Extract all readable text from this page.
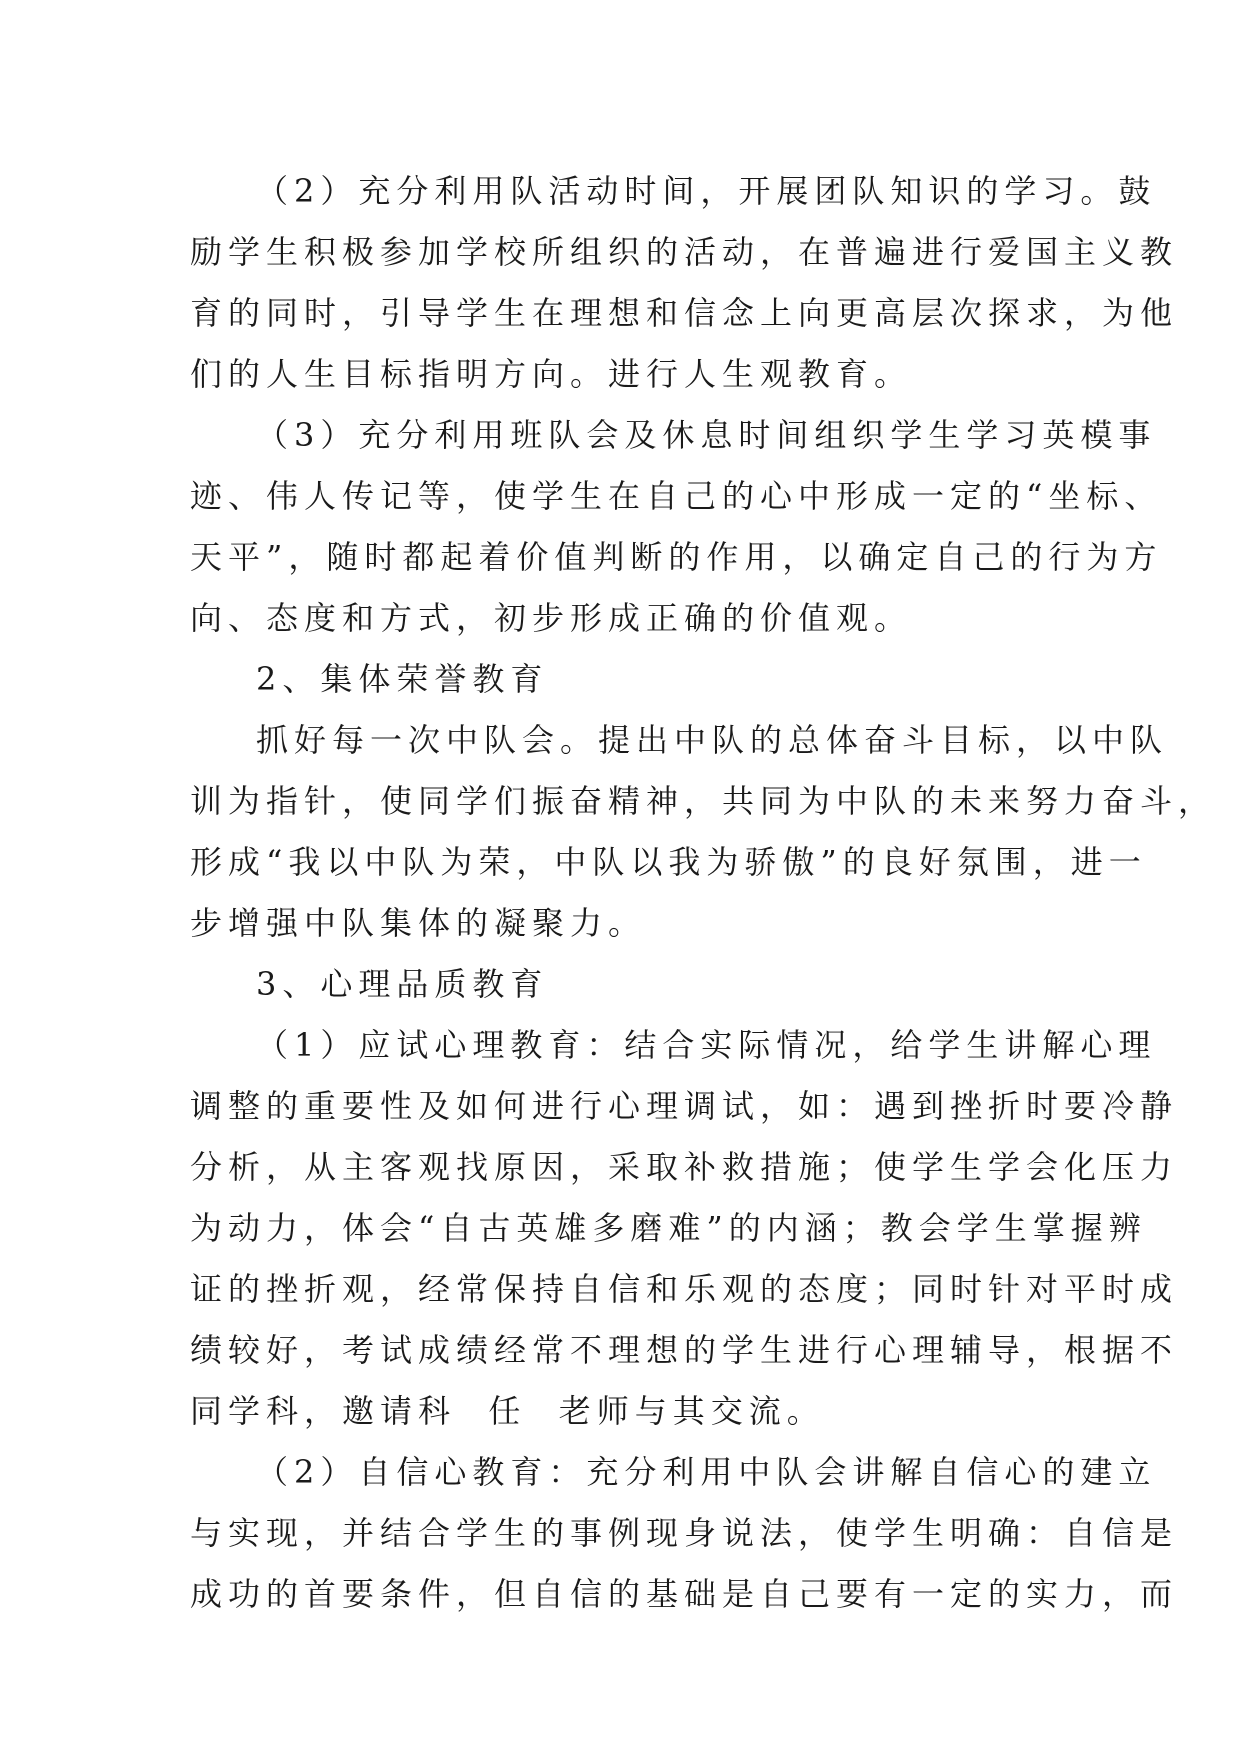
（2）充分利用队活动时间，开展团队知识的学习。鼓
励学生积极参加学校所组织的活动，在普遍进行爱国主义教
育的同时，引导学生在理想和信念上向更高层次探求，为他
们的人生目标指明方向。进行人生观教育。
（3）充分利用班队会及休息时间组织学生学习英模事
迹、伟人传记等，使学生在自己的心中形成一定的“坐标、
天平”，随时都起着价值判断的作用，以确定自己的行为方
向、态度和方式，初步形成正确的价值观。
2、集体荣誉教育
抓好每一次中队会。提出中队的总体奋斗目标，以中队
训为指针，使同学们振奋精神，共同为中队的未来努力奋斗，
形成“我以中队为荣，中队以我为骄傲”的良好氛围，进一
步增强中队集体的凝聚力。
3、心理品质教育
（1）应试心理教育：结合实际情况，给学生讲解心理
调整的重要性及如何进行心理调试，如：遇到挫折时要冷静
分析，从主客观找原因，采取补救措施；使学生学会化压力
为动力，体会“自古英雄多磨难”的内涵；教会学生掌握辨
证的挫折观，经常保持自信和乐观的态度；同时针对平时成
绩较好，考试成绩经常不理想的学生进行心理辅导，根据不
同学科，邀请科  任  老师与其交流。
（2）自信心教育：充分利用中队会讲解自信心的建立
与实现，并结合学生的事例现身说法，使学生明确：自信是
成功的首要条件，但自信的基础是自己要有一定的实力，而
